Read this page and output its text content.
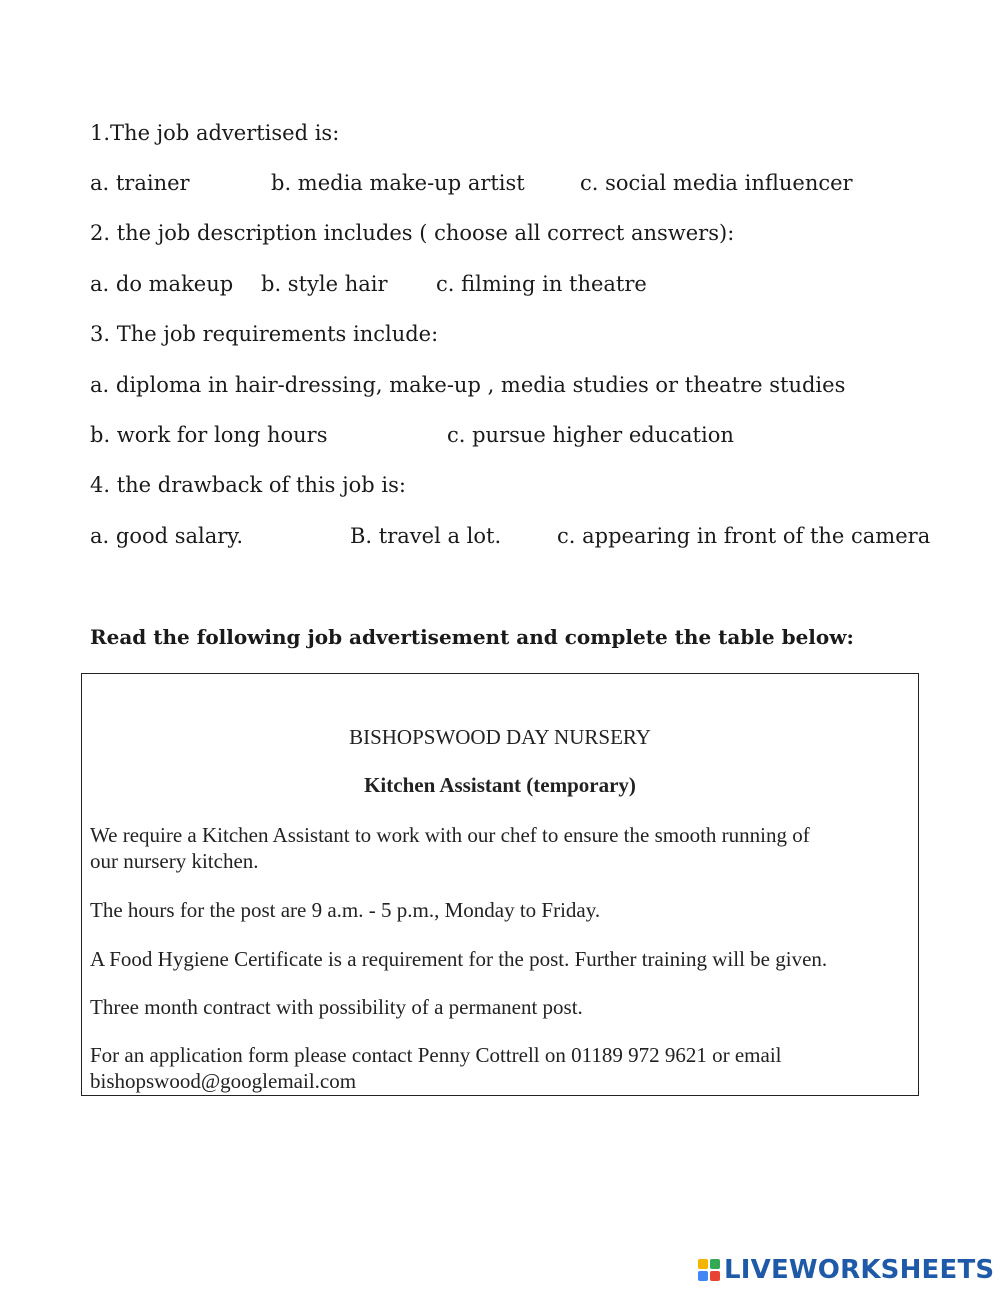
1.The job advertised is:
a. trainer	b. media make-up artist	c. social media influencer
2. the job description includes ( choose all correct answers):
a. do makeup b. style hair c. filming in theatre
3. The job requirements include:
a. diploma in hair-dressing, make-up , media studies or theatre studies
b. work for long hours	c. pursue higher education
4. the drawback of this job is:
a. good salary.	B. travel a lot.	c. appearing in front of the camera
Read the following job advertisement and complete the table below:
BISHOPSWOOD DAY NURSERY
Kitchen Assistant (temporary)
We require a Kitchen Assistant to work with our chef to ensure the smooth running of
our nursery kitchen.
The hours for the post are 9 a.m. - 5 p.m., Monday to Friday.
A Food Hygiene Certificate is a requirement for the post. Further training will be given.
Three month contract with possibility of a permanent post.
For an application form please contact Penny Cottrell on 01189 972 9621 or email
bishopswood@googlemail.com
LIVEWORKSHEETS
